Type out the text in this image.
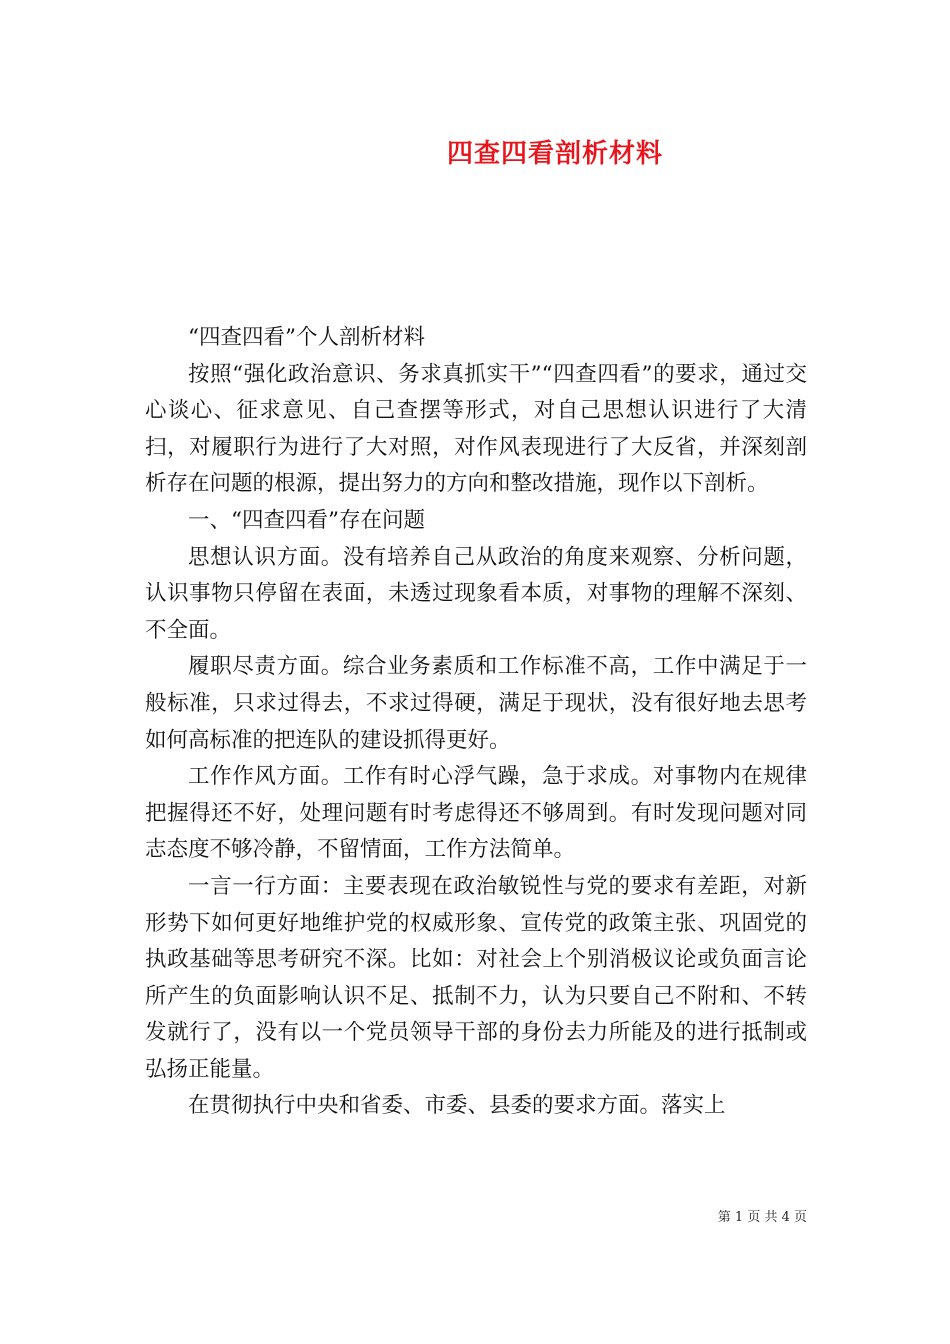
四查四看剖析材料

“四查四看”个人剖析材料

按照“强化政治意识、务求真抓实干”“四查四看”的要求，通过交心谈心、征求意见、自己查摆等形式，对自己思想认识进行了大清扫，对履职行为进行了大对照，对作风表现进行了大反省，并深刻剖析存在问题的根源，提出努力的方向和整改措施，现作以下剖析。

一、“四查四看”存在问题

思想认识方面。没有培养自己从政治的角度来观察、分析问题，认识事物只停留在表面，未透过现象看本质，对事物的理解不深刻、不全面。

履职尽责方面。综合业务素质和工作标准不高，工作中满足于一般标准，只求过得去，不求过得硬，满足于现状，没有很好地去思考如何高标准的把连队的建设抓得更好。

工作作风方面。工作有时心浮气躁，急于求成。对事物内在规律把握得还不好，处理问题有时考虑得还不够周到。有时发现问题对同志态度不够冷静，不留情面，工作方法简单。

一言一行方面：主要表现在政治敏锐性与党的要求有差距，对新形势下如何更好地维护党的权威形象、宣传党的政策主张、巩固党的执政基础等思考研究不深。比如：对社会上个别消极议论或负面言论所产生的负面影响认识不足、抵制不力，认为只要自己不附和、不转发就行了，没有以一个党员领导干部的身份去力所能及的进行抵制或弘扬正能量。

在贯彻执行中央和省委、市委、县委的要求方面。落实上

第 1 页 共 4 页
